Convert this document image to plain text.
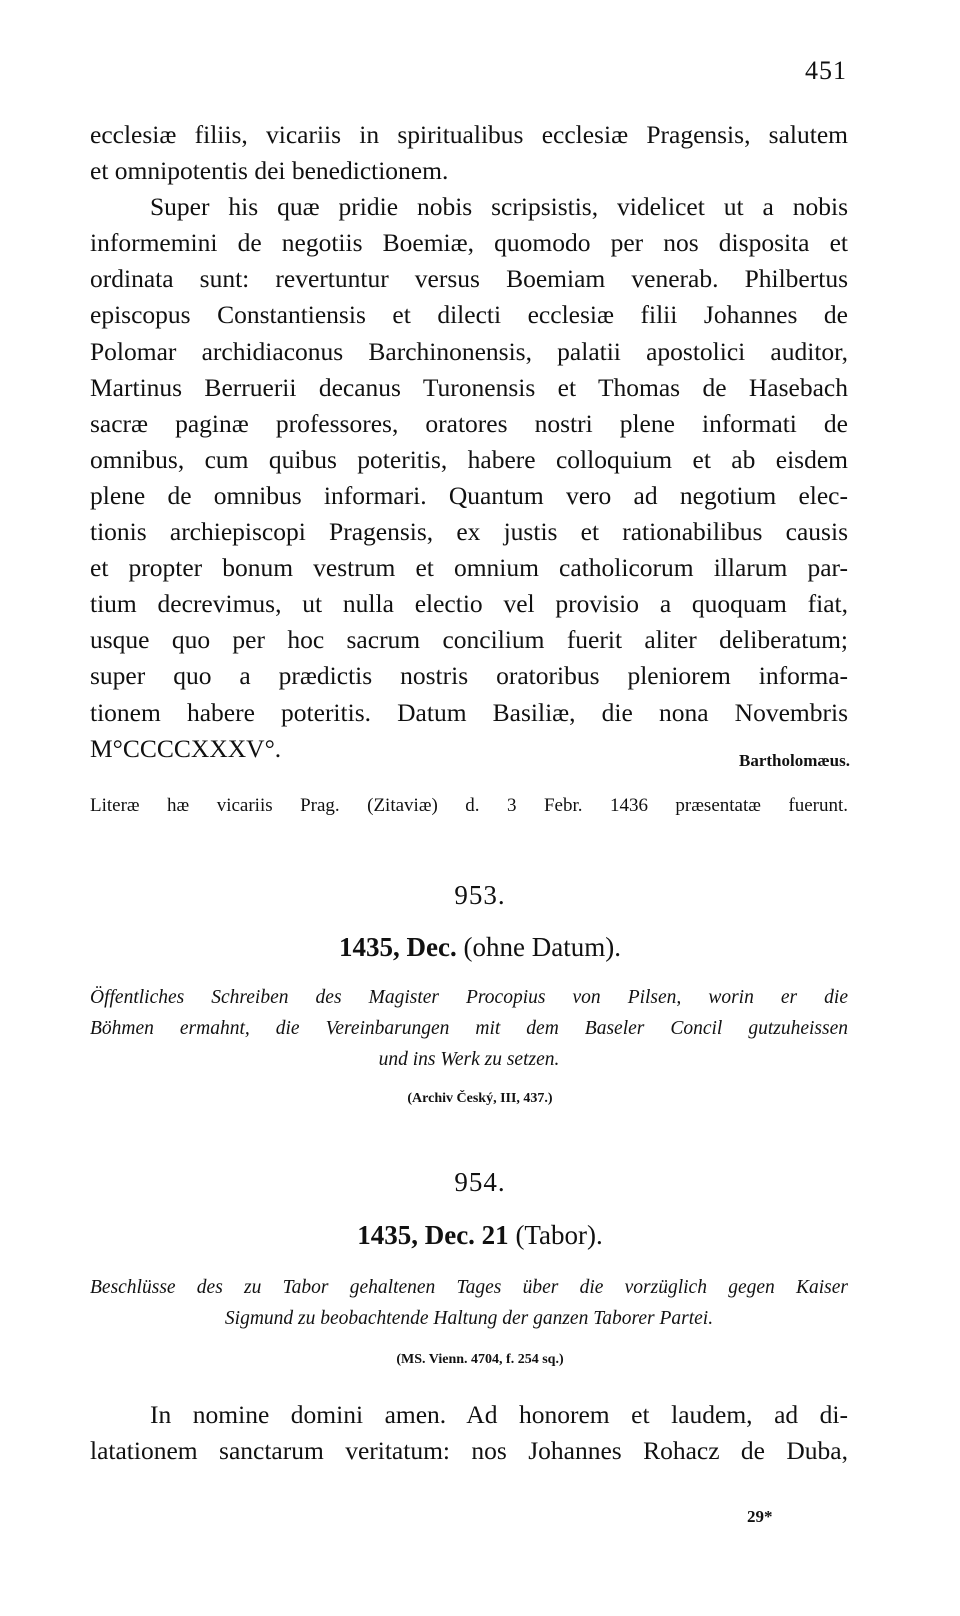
451
ecclesiæ filiis, vicariis in spiritualibus ecclesiæ Pragensis, salutem
et omnipotentis dei benedictionem.
Super his quæ pridie nobis scripsistis, videlicet ut a nobis
informemini de negotiis Boemiæ, quomodo per nos disposita et
ordinata sunt: revertuntur versus Boemiam venerab. Philbertus
episcopus Constantiensis et dilecti ecclesiæ filii Johannes de
Polomar archidiaconus Barchinonensis, palatii apostolici auditor,
Martinus Berruerii decanus Turonensis et Thomas de Hasebach
sacræ paginæ professores, oratores nostri plene informati de
omnibus, cum quibus poteritis, habere colloquium et ab eisdem
plene de omnibus informari. Quantum vero ad negotium elec-
tionis archiepiscopi Pragensis, ex justis et rationabilibus causis
et propter bonum vestrum et omnium catholicorum illarum par-
tium decrevimus, ut nulla electio vel provisio a quoquam fiat,
usque quo per hoc sacrum concilium fuerit aliter deliberatum;
super quo a prædictis nostris oratoribus pleniorem informa-
tionem habere poteritis. Datum Basiliæ, die nona Novembris
M°CCCCXXXV°.	Bartholomæus.
Literæ hæ vicariis Prag. (Zitaviæ) d. 3 Febr. 1436 præsentatæ fuerunt.
953.
1435, Dec. (ohne Datum).
Öffentliches Schreiben des Magister Procopius von Pilsen, worin er die
Böhmen ermahnt, die Vereinbarungen mit dem Baseler Concil gutzuheissen
und ins Werk zu setzen.
(Archiv Český, III, 437.)
954.
1435, Dec. 21 (Tabor).
Beschlüsse des zu Tabor gehaltenen Tages über die vorzüglich gegen Kaiser
Sigmund zu beobachtende Haltung der ganzen Taborer Partei.
(MS. Vienn. 4704, f. 254 sq.)
In nomine domini amen. Ad honorem et laudem, ad di-
latationem sanctarum veritatum: nos Johannes Rohacz de Duba,
29*
